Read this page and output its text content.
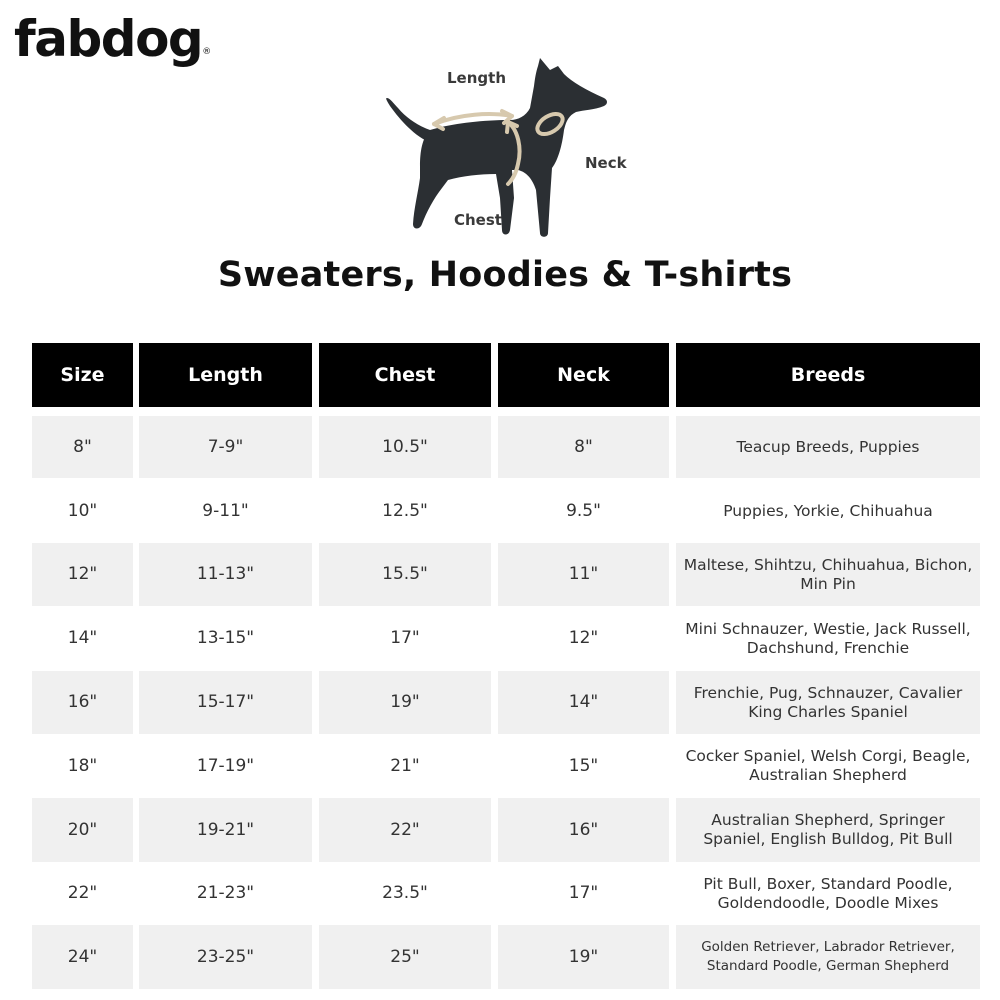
fabdog ®
Length
Neck
Chest
Sweaters, Hoodies & T-shirts
Size	Length	Chest	Neck	Breeds
8"	7-9"	10.5"	8"	Teacup Breeds, Puppies
10"	9-11"	12.5"	9.5"	Puppies, Yorkie, Chihuahua
12"	11-13"	15.5"	11"	Maltese, Shihtzu, Chihuahua, Bichon, Min Pin
14"	13-15"	17"	12"	Mini Schnauzer, Westie, Jack Russell, Dachshund, Frenchie
16"	15-17"	19"	14"	Frenchie, Pug, Schnauzer, Cavalier King Charles Spaniel
18"	17-19"	21"	15"	Cocker Spaniel, Welsh Corgi, Beagle, Australian Shepherd
20"	19-21"	22"	16"	Australian Shepherd, Springer Spaniel, English Bulldog, Pit Bull
22"	21-23"	23.5"	17"	Pit Bull, Boxer, Standard Poodle, Goldendoodle, Doodle Mixes
24"	23-25"	25"	19"	Golden Retriever, Labrador Retriever, Standard Poodle, German Shepherd
